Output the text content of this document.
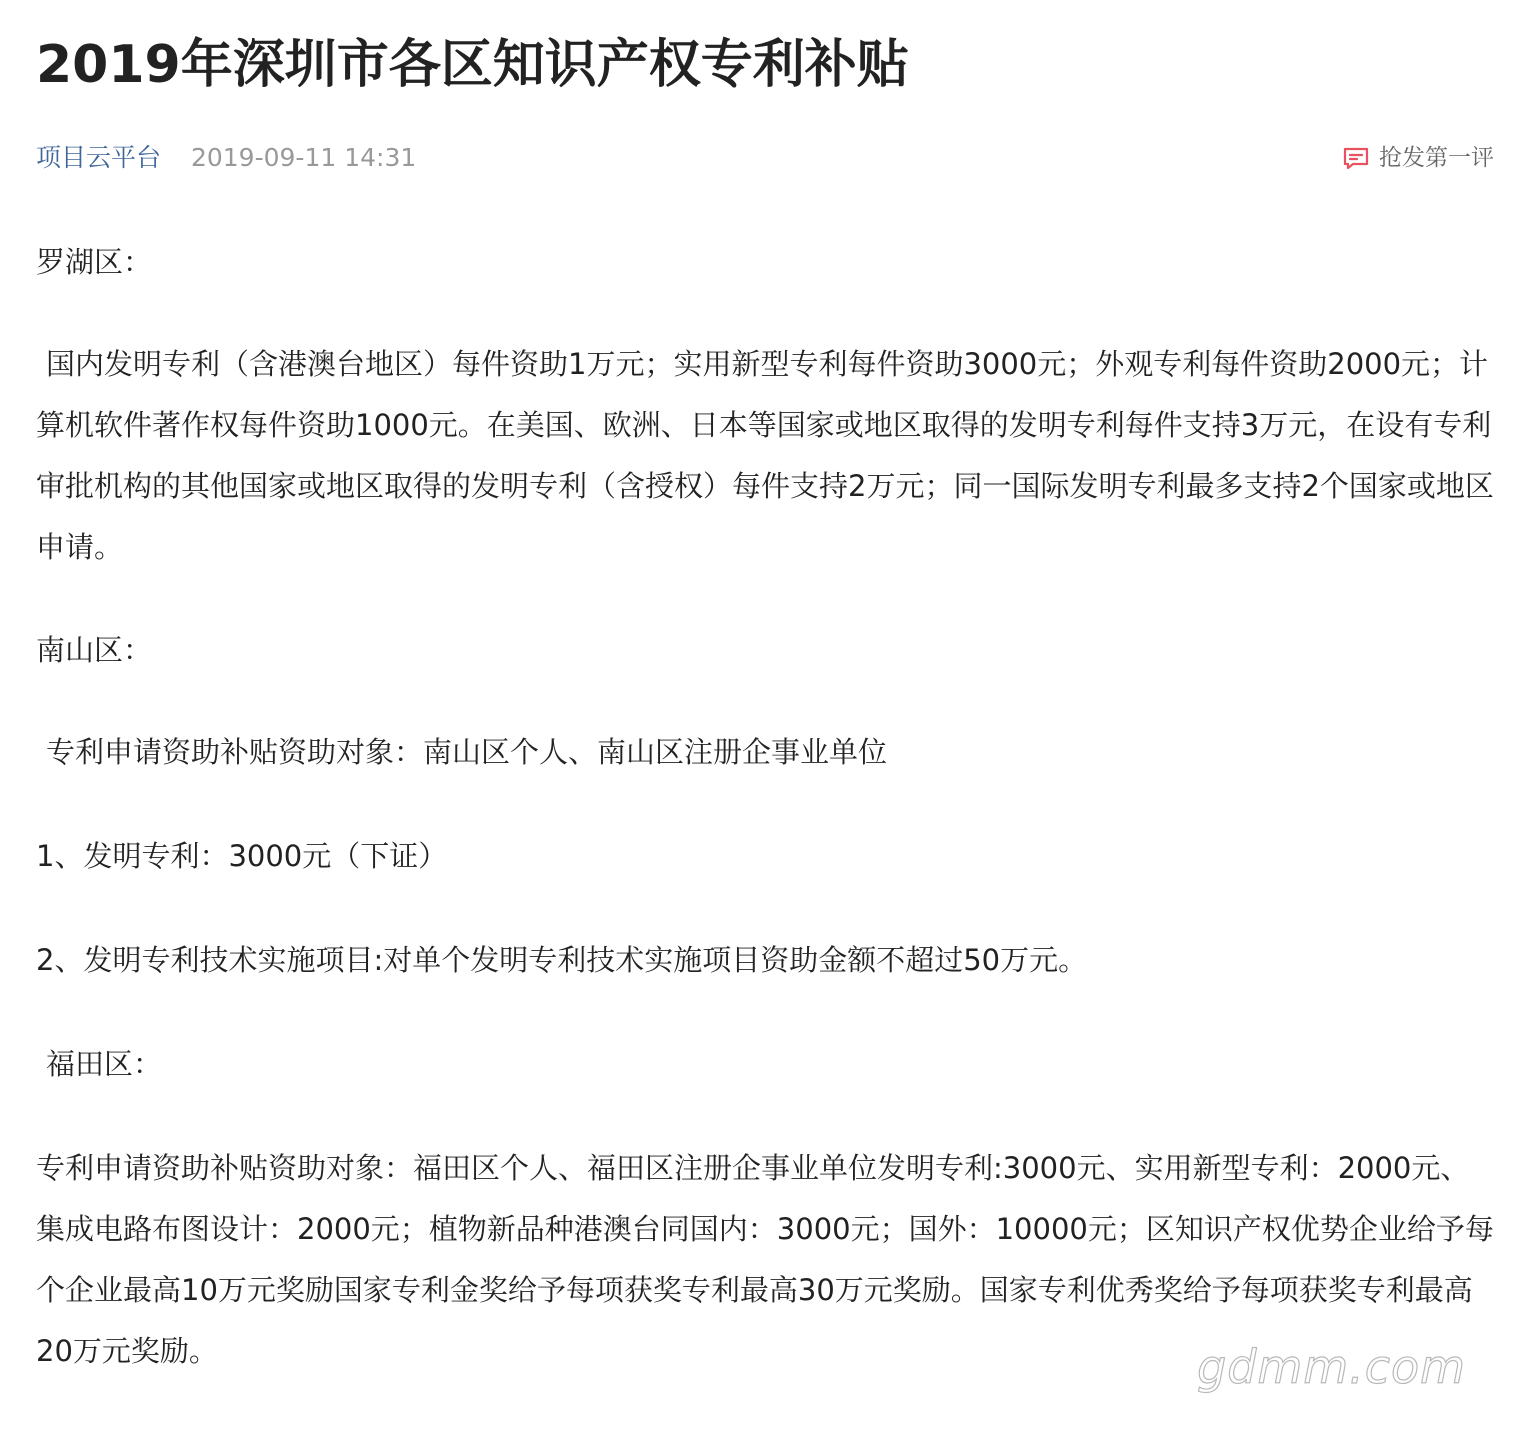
2019年深圳市各区知识产权专利补贴
项目云平台 2019-09-11 14:31	抢发第一评

罗湖区：

国内发明专利（含港澳台地区）每件资助1万元；实用新型专利每件资助3000元；外观专利每件资助2000元；计算机软件著作权每件资助1000元。在美国、欧洲、日本等国家或地区取得的发明专利每件支持3万元，在设有专利审批机构的其他国家或地区取得的发明专利（含授权）每件支持2万元；同一国际发明专利最多支持2个国家或地区申请。

南山区：

专利申请资助补贴资助对象：南山区个人、南山区注册企事业单位

1、发明专利：3000元（下证）

2、发明专利技术实施项目:对单个发明专利技术实施项目资助金额不超过50万元。

福田区：

专利申请资助补贴资助对象：福田区个人、福田区注册企事业单位发明专利:3000元、实用新型专利：2000元、集成电路布图设计：2000元；植物新品种港澳台同国内：3000元；国外：10000元；区知识产权优势企业给予每个企业最高10万元奖励国家专利金奖给予每项获奖专利最高30万元奖励。国家专利优秀奖给予每项获奖专利最高20万元奖励。	gdmm.com
